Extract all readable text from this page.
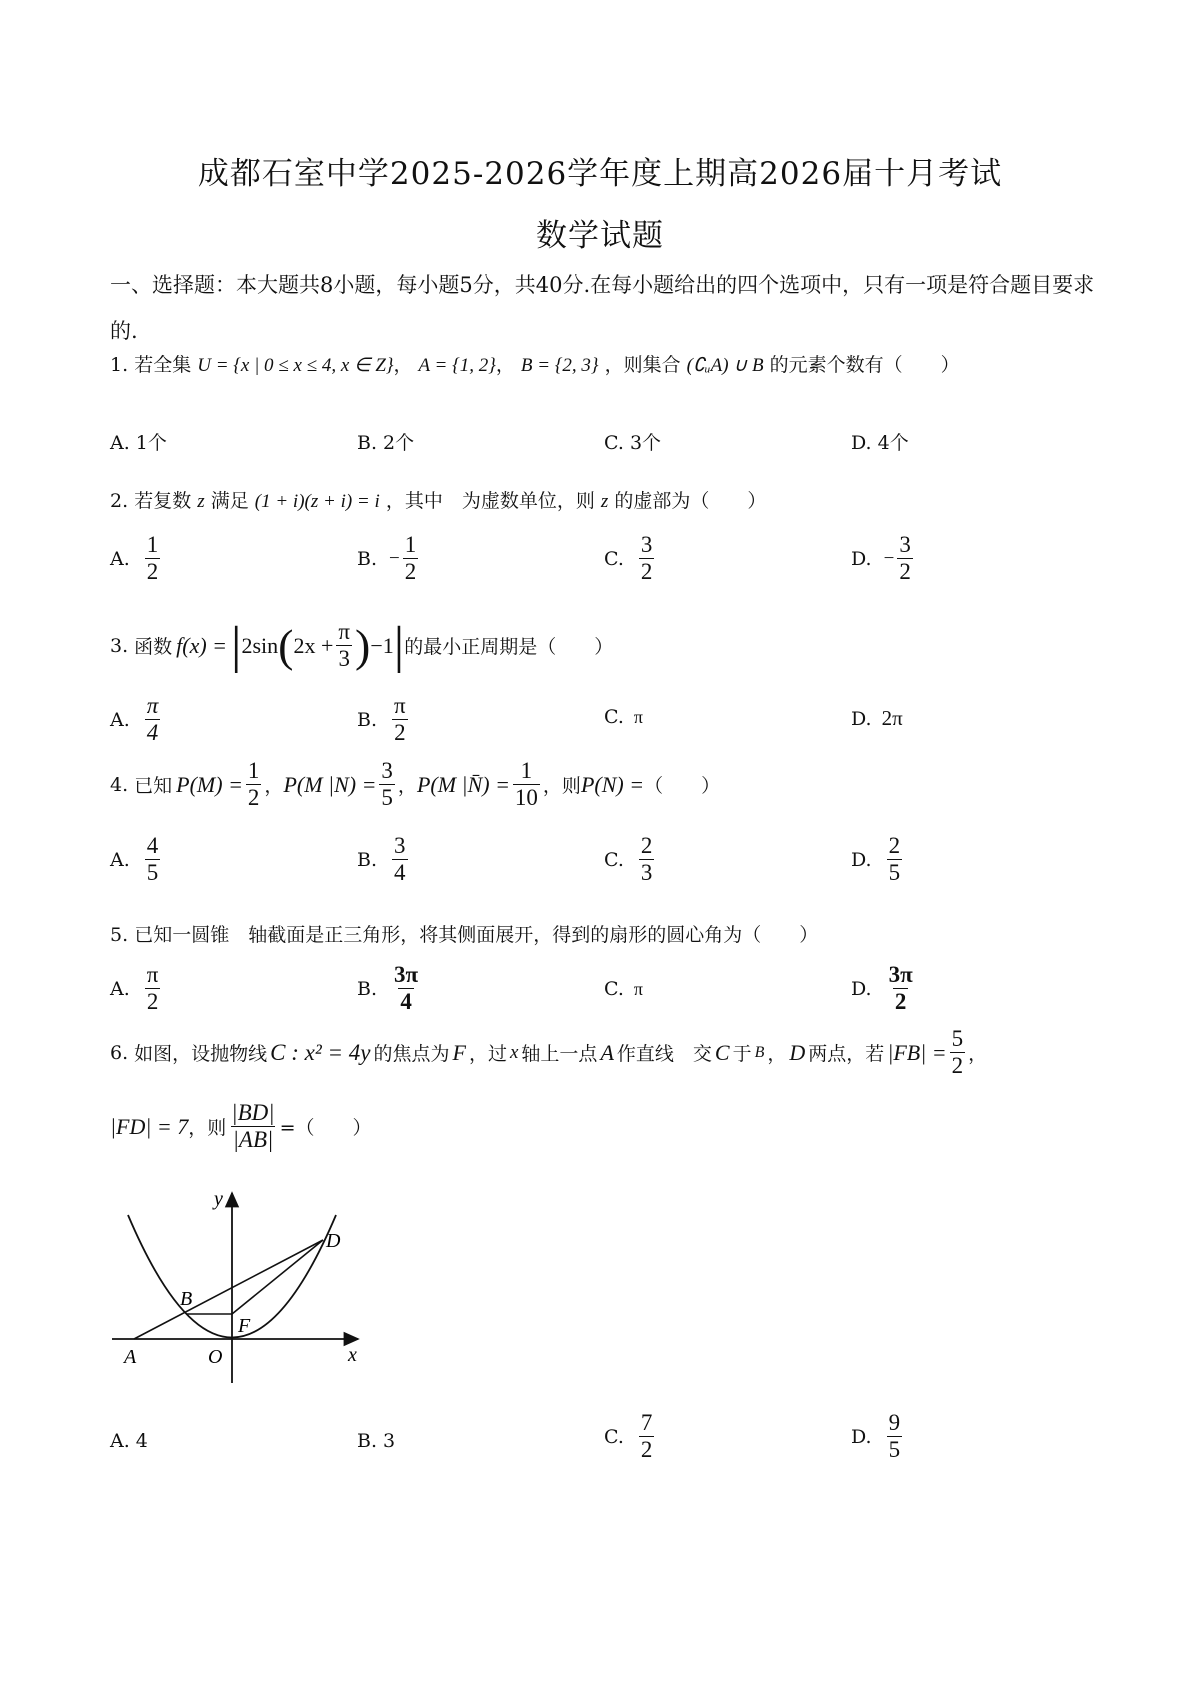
成都石室中学2025-2026学年度上期高2026届十月考试
数学试题
一、选择题：本大题共8小题，每小题5分，共40分.在每小题给出的四个选项中，只有一项是符合题目要求的.
1. 若全集 U = {x | 0 ≤ x ≤ 4, x ∈ Z}， A = {1, 2}， B = {2, 3} ，则集合 (∁ᵤA) ∪ B 的元素个数有（　　）
A. 1个	B. 2个	C. 3个	D. 4个
2. 若复数 z 满足 (1 + i)(z + i) = i ，其中　为虚数单位，则 z 的虚部为（　　）
A. $\frac{1}{2}$	B. − $\frac{1}{2}$	C. $\frac{3}{2}$	D. − $\frac{3}{2}$
3. 函数 f(x) = | 2sin ( $2x + \frac{\pi}{3}$ ) −1 | 的最小正周期是（　　）
A. $\frac{\pi}{4}$	B. $\frac{\pi}{2}$	C. π	D. 2π
4. 已知 $P(M) = \frac{1}{2}$ ， P(M $|N) = \frac{3}{5}$ ， P(M |N̄) = $\frac{1}{10}$ ，则 P(N) = （　　）
A. $\frac{4}{5}$	B. $\frac{3}{4}$	C. $\frac{2}{3}$	D. $\frac{2}{5}$
5. 已知一圆锥　轴截面是正三角形，将其侧面展开，得到的扇形的圆心角为（　　）
A. $\frac{\pi}{2}$	B. $\frac{3\pi}{4}$	C. π	D. $\frac{3\pi}{2}$
6. 如图，设抛物线 C : x² = 4y 的焦点为 F ，过 x 轴上一点 A 作直线　交 C 于 B ， D 两点，若 $|FB| = \frac{5}{2}$ ，
|FD| = 7 ，则 $\frac{|BD|}{|AB|}$ =（　　）
y
x
O
A
B
F
D
A. 4	B. 3	C. $\frac{7}{2}$	D. $\frac{9}{5}$
